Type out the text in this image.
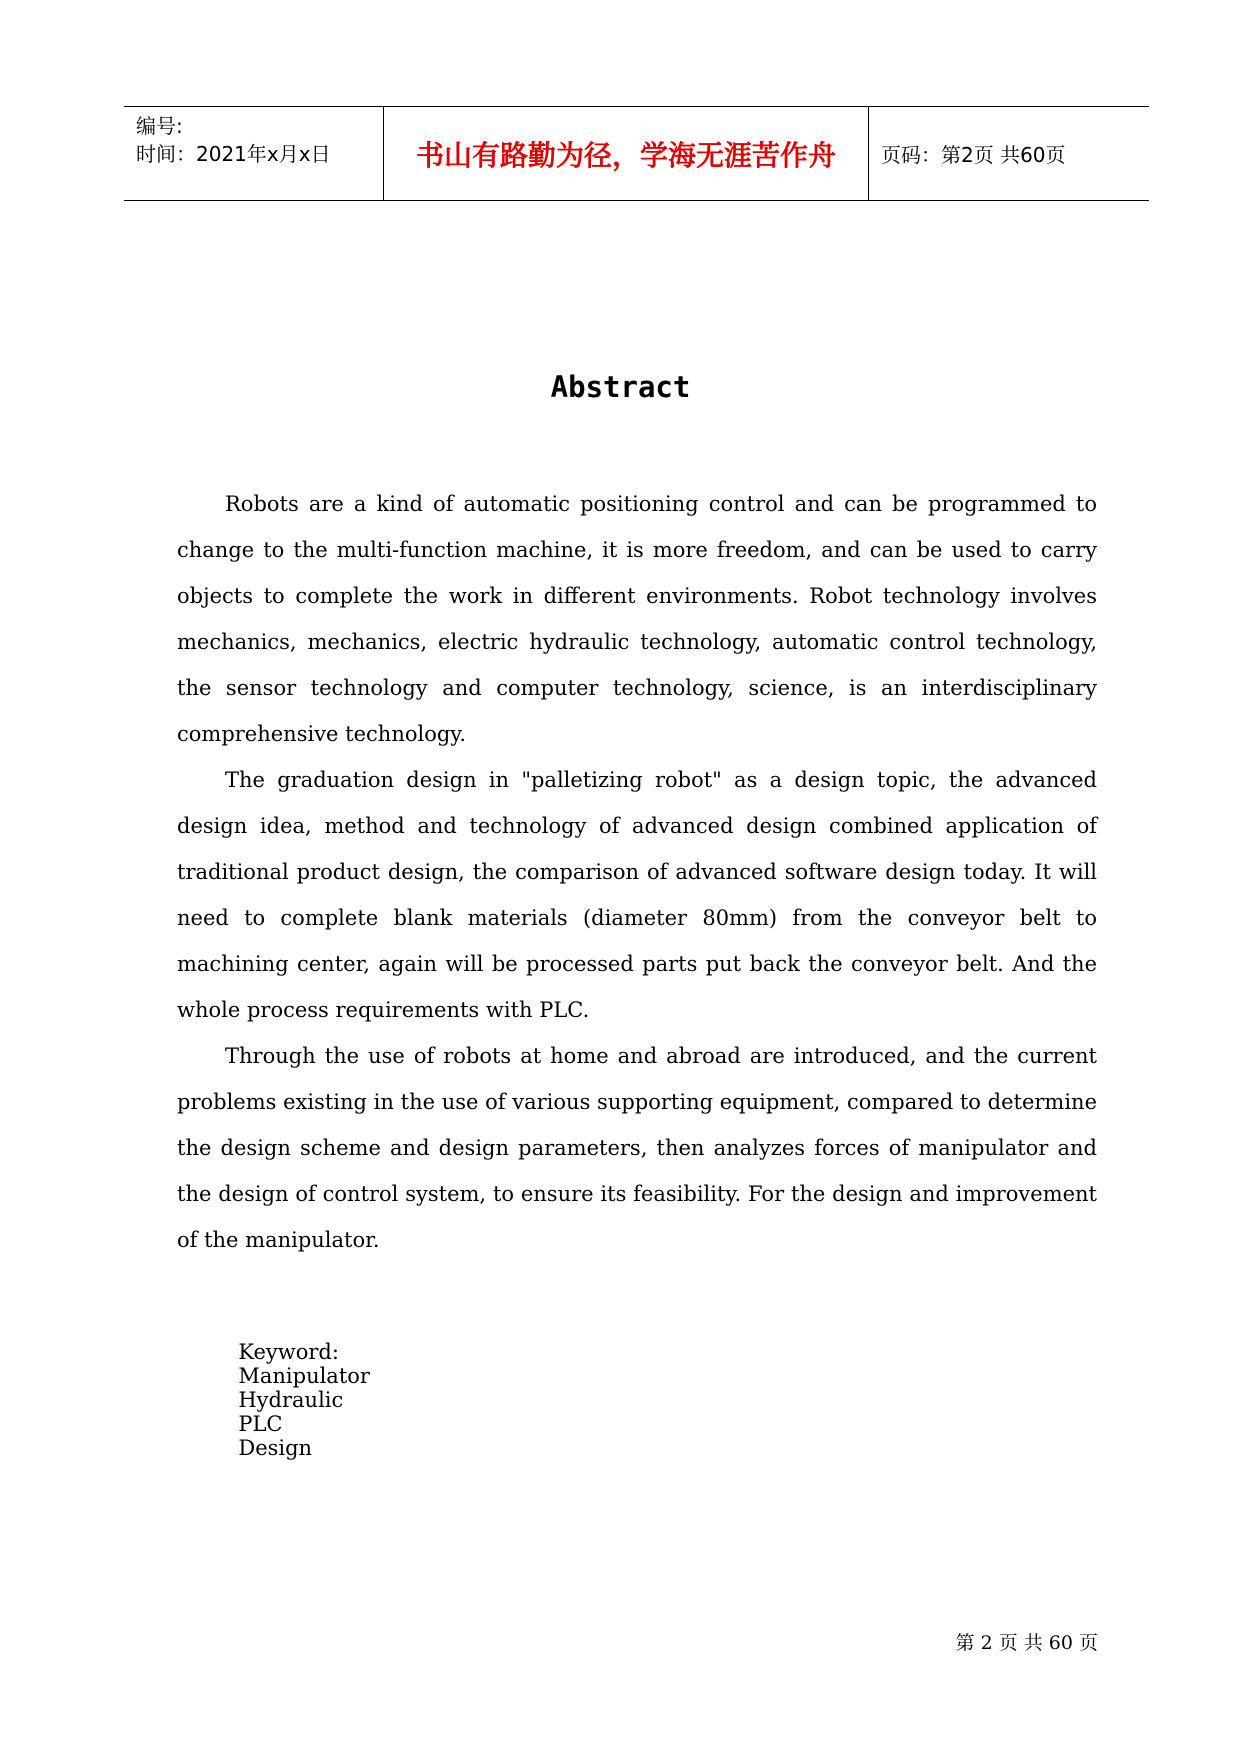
编号:
时间：2021年x月x日	书山有路勤为径，学海无涯苦作舟	页码：第2页 共60页
Abstract

Robots are a kind of automatic positioning control and can be programmed to change to the multi-function machine, it is more freedom, and can be used to carry objects to complete the work in different environments. Robot technology involves mechanics, mechanics, electric hydraulic technology, automatic control technology, the sensor technology and computer technology, science, is an interdisciplinary comprehensive technology.

The graduation design in "palletizing robot" as a design topic, the advanced design idea, method and technology of advanced design combined application of traditional product design, the comparison of advanced software design today. It will need to complete blank materials (diameter 80mm) from the conveyor belt to machining center, again will be processed parts put back the conveyor belt. And the whole process requirements with PLC.

Through the use of robots at home and abroad are introduced, and the current problems existing in the use of various supporting equipment, compared to determine the design scheme and design parameters, then analyzes forces of manipulator and the design of control system, to ensure its feasibility. For the design and improvement of the manipulator.

Keyword:
Manipulator
Hydraulic
PLC
Design

第 2 页 共 60 页
